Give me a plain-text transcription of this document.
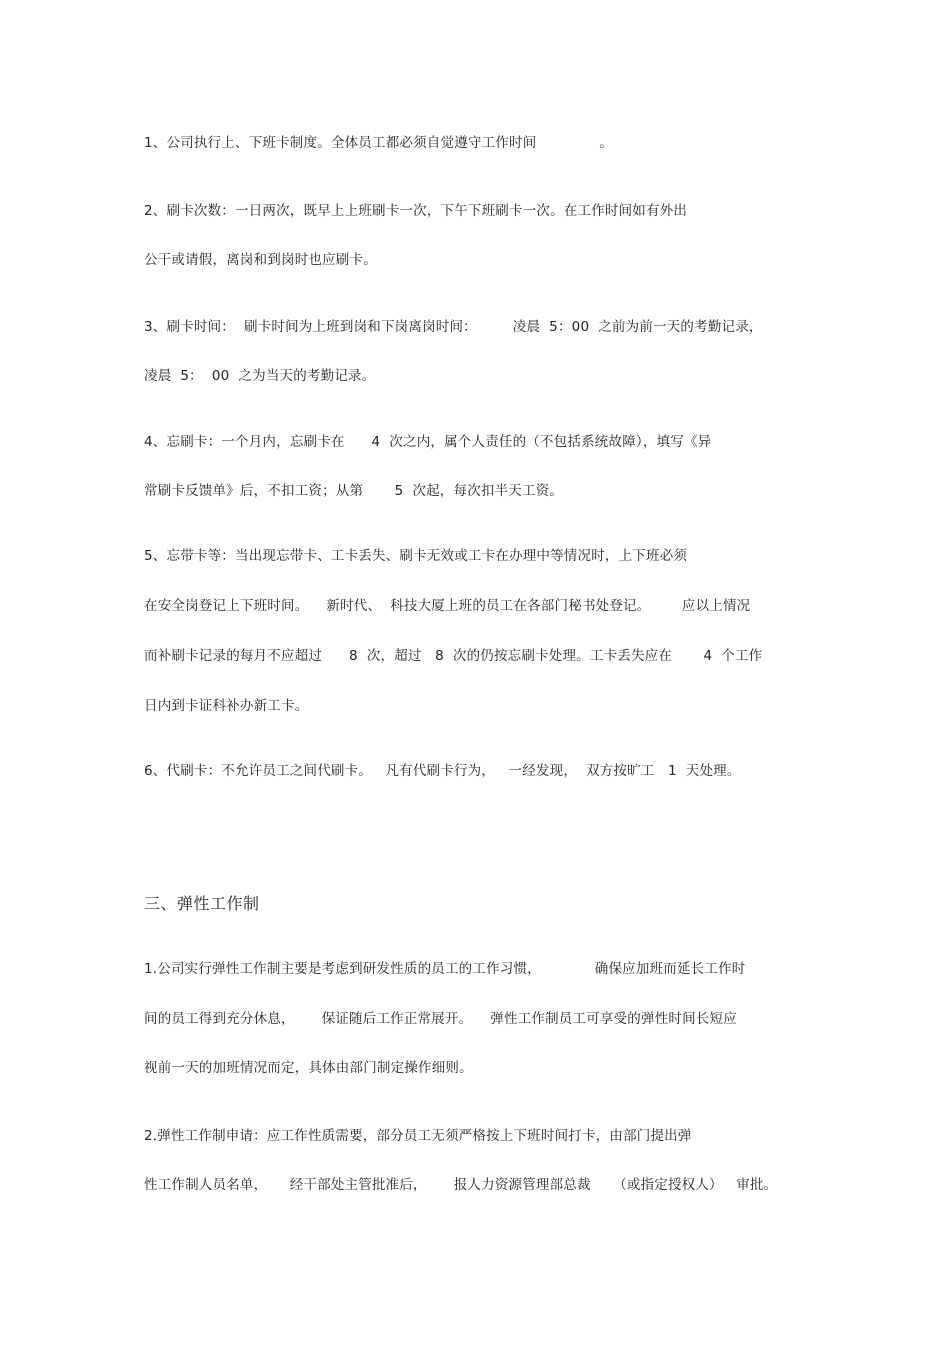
1、公司执行上、下班卡制度。全体员工都必须自觉遵守工作时间              。
2、刷卡次数：一日两次，既早上上班刷卡一次，下午下班刷卡一次。在工作时间如有外出
公干或请假，离岗和到岗时也应刷卡。
3、刷卡时间：  刷卡时间为上班到岗和下岗离岗时间：        凌晨  5：00  之前为前一天的考勤记录，
凌晨  5：  00  之为当天的考勤记录。
4、忘刷卡：一个月内，忘刷卡在      4  次之内，属个人责任的（不包括系统故障），填写《异
常刷卡反馈单》后，不扣工资；从第       5  次起，每次扣半天工资。
5、忘带卡等：当出现忘带卡、工卡丢失、刷卡无效或工卡在办理中等情况时，上下班必须
在安全岗登记上下班时间。    新时代、  科技大厦上班的员工在各部门秘书处登记。       应以上情况
而补刷卡记录的每月不应超过      8  次，超过   8  次的仍按忘刷卡处理。工卡丢失应在       4  个工作
日内到卡证科补办新工卡。
6、代刷卡：不允许员工之间代刷卡。   凡有代刷卡行为，   一经发现，  双方按旷工   1  天处理。
三、弹性工作制
1.公司实行弹性工作制主要是考虑到研发性质的员工的工作习惯，            确保应加班而延长工作时
间的员工得到充分休息，      保证随后工作正常展开。    弹性工作制员工可享受的弹性时间长短应
视前一天的加班情况而定，具体由部门制定操作细则。
2.弹性工作制申请：应工作性质需要，部分员工无须严格按上下班时间打卡，由部门提出弹
性工作制人员名单，     经干部处主管批准后，      报人力资源管理部总裁     （或指定授权人）   审批。
